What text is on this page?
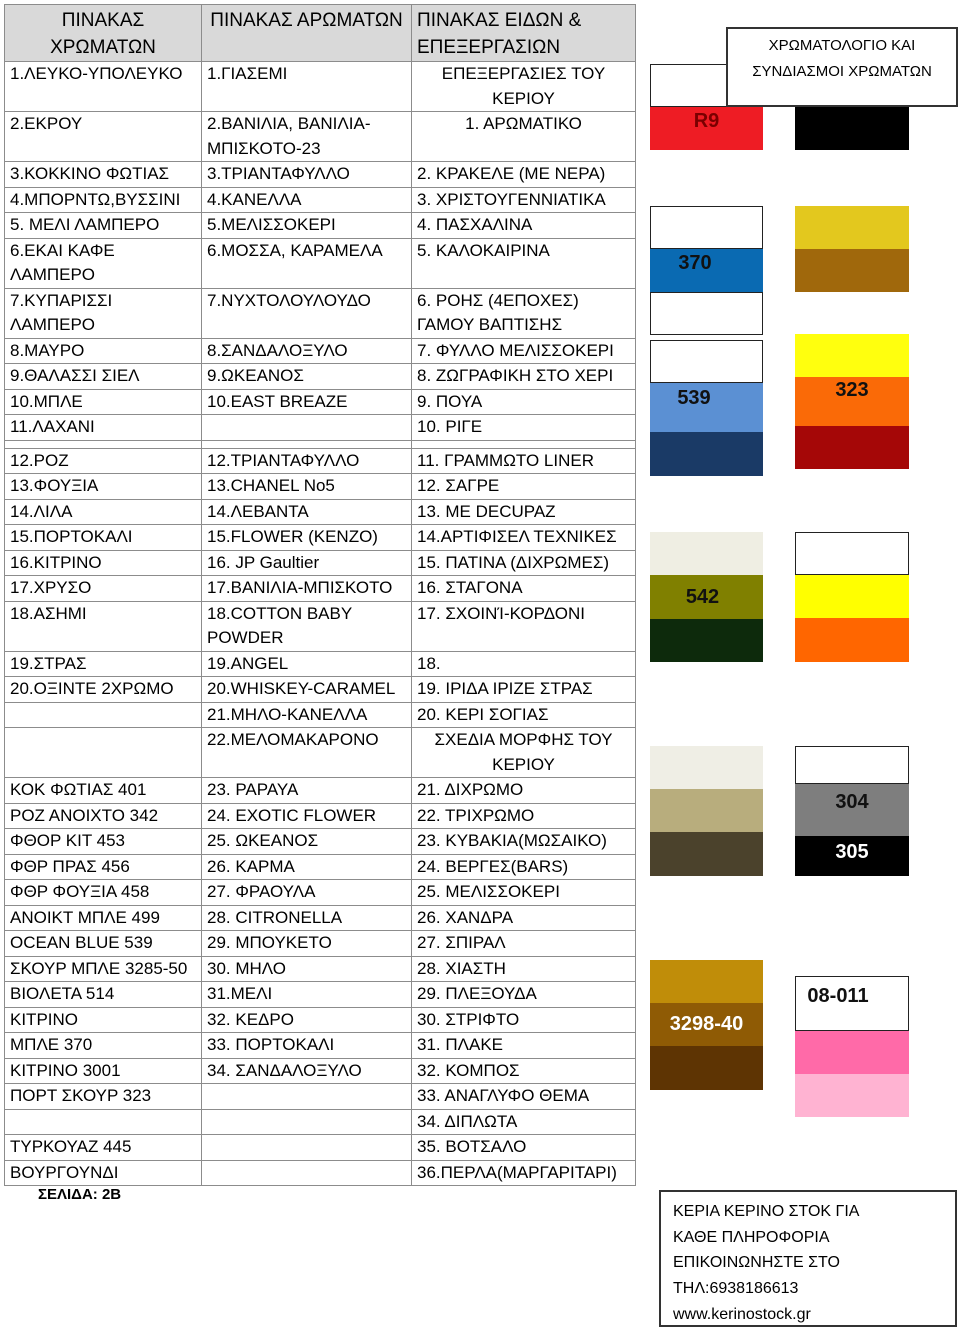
ΠΙΝΑΚΑΣ ΧΡΩΜΑΤΩΝ	ΠΙΝΑΚΑΣ ΑΡΩΜΑΤΩΝ	ΠΙΝΑΚΑΣ ΕΙΔΩΝ & ΕΠΕΞΕΡΓΑΣΙΩΝ
1.ΛΕΥΚΟ-ΥΠΟΛΕΥΚΟ	1.ΓΙΑΣΕΜΙ	ΕΠΕΞΕΡΓΑΣΙΕΣ ΤΟΥ ΚΕΡΙΟΥ
2.ΕΚΡΟΥ	2.ΒΑΝΙΛΙΑ, ΒΑΝΙΛΙΑ-ΜΠΙΣΚΟΤΟ-23	1. ΑΡΩΜΑΤΙΚΟ
3.ΚΟΚΚΙΝΟ ΦΩΤΙΑΣ	3.ΤΡΙΑΝΤΑΦΥΛΛΟ	2. ΚΡΑΚΕΛΕ (ΜΕ ΝΕΡΑ)
4.ΜΠΟΡΝΤΩ,ΒΥΣΣΙΝΙ	4.ΚΑΝΕΛΛΑ	3. ΧΡΙΣΤΟΥΓΕΝΝΙΑΤΙΚΑ
5. ΜΕΛΙ ΛΑΜΠΕΡΟ	5.ΜΕΛΙΣΣΟΚΕΡΙ	4. ΠΑΣΧΑΛΙΝΑ
6.ΕΚΑΙ ΚΑΦΕ ΛΑΜΠΕΡΟ	6.ΜΟΣΣΑ, ΚΑΡΑΜΕΛΑ	5. ΚΑΛΟΚΑΙΡΙΝΑ
7.ΚΥΠΑΡΙΣΣΙ ΛΑΜΠΕΡΟ	7.ΝΥΧΤΟΛΟΥΛΟΥΔΟ	6. ΡΟΗΣ (4ΕΠΟΧΕΣ) ΓΑΜΟΥ ΒΑΠΤΙΣΗΣ
8.ΜΑΥΡΟ	8.ΣΑΝΔΑΛΟΞΥΛΟ	7. ΦΥΛΛΟ ΜΕΛΙΣΣΟΚΕΡΙ
9.ΘΑΛΑΣΣΙ ΣΙΕΛ	9.ΩΚΕΑΝΟΣ	8. ΖΩΓΡΑΦΙΚΗ ΣΤΟ ΧΕΡΙ
10.ΜΠΛΕ	10.EAST BREAZE	9. ΠΟΥΑ
11.ΛΑΧΑΝΙ		10. ΡΙΓΕ

12.ΡΟΖ	12.ΤΡΙΑΝΤΑΦΥΛΛΟ	11. ΓΡΑΜΜΩΤΟ LINER
13.ΦΟΥΞΙΑ	13.CHANEL No5	12. ΣΑΓΡΕ
14.ΛΙΛΑ	14.ΛΕΒΑΝΤΑ	13. ΜΕ DECUPAZ
15.ΠΟΡΤΟΚΑΛΙ	15.FLOWER (KENZO)	14.ΑΡΤΙΦΙΣΕΛ ΤΕΧΝΙΚΕΣ
16.ΚΙΤΡΙΝΟ	16. JP Gaultier	15. ΠΑΤΙΝΑ (ΔΙΧΡΩΜΕΣ)
17.ΧΡΥΣΟ	17.ΒΑΝΙΛΙΑ-ΜΠΙΣΚΟΤΟ	16. ΣΤΑΓΟΝΑ
18.ΑΣΗΜΙ	18.COTTON BABY POWDER	17. ΣΧΟΙΝΊ-ΚΟΡΔΟΝΙ
19.ΣΤΡΑΣ	19.ANGEL	18.
20.ΟΞΙΝΤΕ 2ΧΡΩΜΟ	20.WHISKEY-CARAMEL	19. ΙΡΙΔΑ ΙΡΙΖΕ ΣΤΡΑΣ
	21.ΜΗΛΟ-ΚΑΝΕΛΛΑ	20. ΚΕΡΙ ΣΟΓΙΑΣ
	22.ΜΕΛΟΜΑΚΑΡΟΝΟ	ΣΧΕΔΙΑ ΜΟΡΦΗΣ ΤΟΥ ΚΕΡΙΟΥ
ΚΟΚ ΦΩΤΙΑΣ 401	23. PAPAYA	21. ΔΙΧΡΩΜΟ
ΡΟΖ ΑΝΟΙΧΤΟ 342	24. EXOTIC FLOWER	22. ΤΡΙΧΡΩΜΟ
ΦΘΟΡ ΚΙΤ 453	25. ΩΚΕΑΝΟΣ	23. ΚΥΒΑΚΙΑ(ΜΩΣΑΙΚΟ)
ΦΘΡ ΠΡΑΣ 456	26. ΚΑΡΜΑ	24. ΒΕΡΓΕΣ(BARS)
ΦΘΡ ΦΟΥΞΙΑ 458	27. ΦΡΑΟΥΛΑ	25. ΜΕΛΙΣΣΟΚΕΡΙ
ΑΝΟΙΚΤ ΜΠΛΕ 499	28. CITRONELLA	26. ΧΑΝΔΡΑ
OCEAN BLUE 539	29. ΜΠΟΥΚΕΤΟ	27. ΣΠΙΡΑΛ
ΣΚΟΥΡ ΜΠΛΕ 3285-50	30. ΜΗΛΟ	28. ΧΙΑΣΤΗ
ΒΙΟΛΕΤΑ 514	31.ΜΕΛΙ	29. ΠΛΕΞΟΥΔΑ
ΚΙΤΡΙΝΟ	32. ΚΕΔΡΟ	30. ΣΤΡΙΦΤΟ
ΜΠΛΕ 370	33. ΠΟΡΤΟΚΑΛΙ	31. ΠΛΑΚΕ
ΚΙΤΡΙΝΟ 3001	34. ΣΑΝΔΑΛΟΞΥΛΟ	32. ΚΟΜΠΟΣ
ΠΟΡΤ ΣΚΟΥΡ 323		33. ΑΝΑΓΛΥΦΟ ΘΕΜΑ
		34. ΔΙΠΛΩΤΑ
ΤΥΡΚΟΥΑΖ 445		35. ΒΟΤΣΑΛΟ
ΒΟΥΡΓΟΥΝΔΙ		36.ΠΕΡΛΑ(ΜΑΡΓΑΡΙΤΑΡΙ)
R9
370
539	323
542
304
305
3298-40
08-011
ΧΡΩΜΑΤΟΛΟΓΙΟ ΚΑΙ ΣΥΝΔΙΑΣΜΟΙ ΧΡΩΜΑΤΩΝ
ΣΕΛΙΔΑ: 2Β
ΚΕΡΙΑ ΚΕΡΙΝΟ ΣΤΟΚ ΓΙΑ
ΚΑΘΕ ΠΛΗΡΟΦΟΡΙΑ
ΕΠΙΚΟΙΝΩΝΗΣΤΕ ΣΤΟ
ΤΗΛ:6938186613
www.kerinostock.gr
